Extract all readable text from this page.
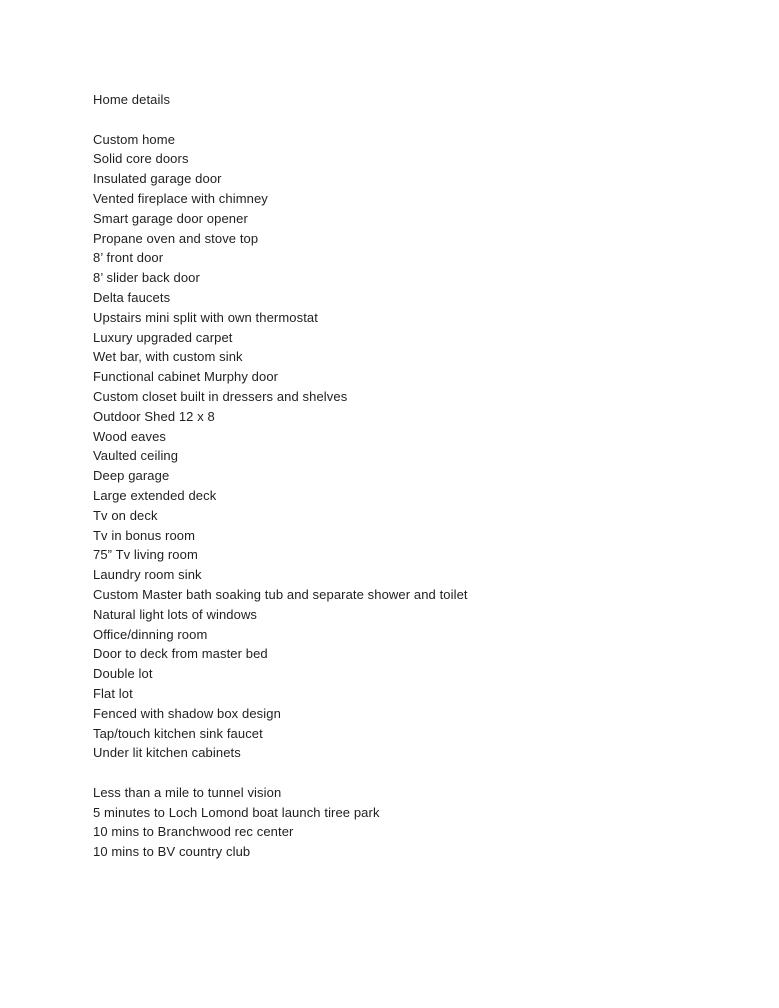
Home details

Custom home

Solid core doors

Insulated garage door

Vented fireplace with chimney

Smart garage door opener

Propane oven and stove top

8’ front door

8’ slider back door

Delta faucets

Upstairs mini split with own thermostat

Luxury upgraded carpet

Wet bar, with custom sink

Functional cabinet Murphy door

Custom closet built in dressers and shelves

Outdoor Shed 12 x 8

Wood eaves

Vaulted ceiling

Deep garage

Large extended deck

Tv on deck

Tv in bonus room

75” Tv living room

Laundry room sink

Custom Master bath soaking tub and separate shower and toilet

Natural light lots of windows

Office/dinning room

Door to deck from master bed

Double lot

Flat lot

Fenced with shadow box design

Tap/touch kitchen sink faucet

Under lit kitchen cabinets

Less than a mile to tunnel vision

5 minutes to Loch Lomond boat launch tiree park

10 mins to Branchwood rec center

10 mins to BV country club
